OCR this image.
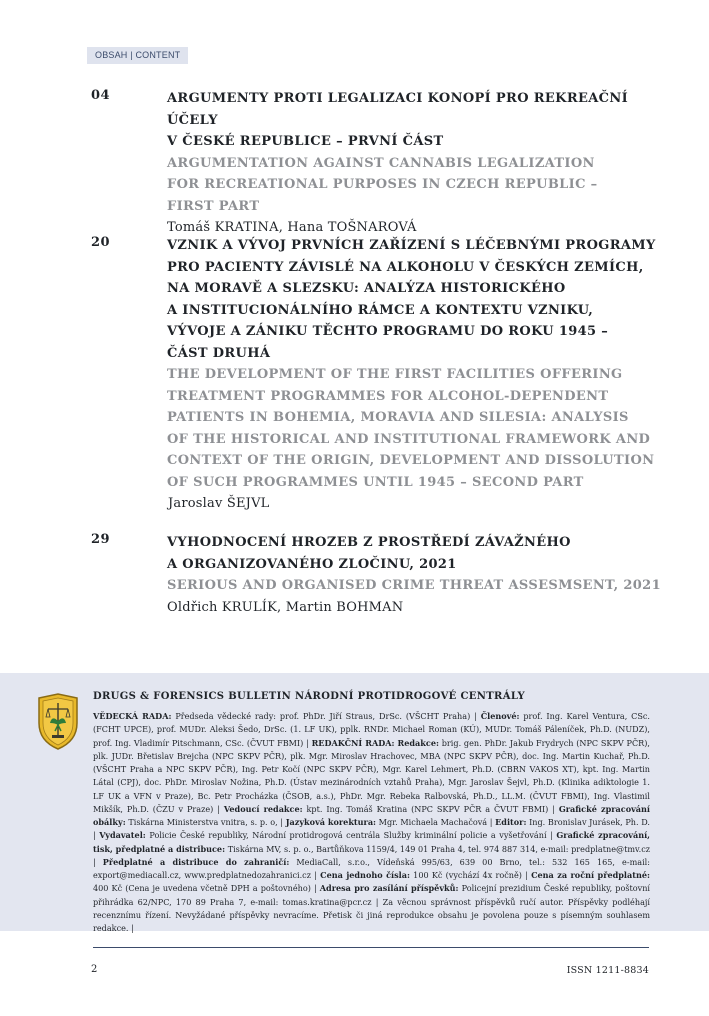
OBSAH | CONTENT
04	ARGUMENTY PROTI LEGALIZACI KONOPÍ PRO REKREAČNÍ ÚČELY
V ČESKÉ REPUBLICE – PRVNÍ ČÁST
ARGUMENTATION AGAINST CANNABIS LEGALIZATION
FOR RECREATIONAL PURPOSES IN CZECH REPUBLIC –
FIRST PART
Tomáš KRATINA, Hana TOŠNAROVÁ
20	VZNIK A VÝVOJ PRVNÍCH ZAŘÍZENÍ S LÉČEBNÝMI PROGRAMY
PRO PACIENTY ZÁVISLÉ NA ALKOHOLU V ČESKÝCH ZEMÍCH,
NA MORAVĚ A SLEZSKU: ANALÝZA HISTORICKÉHO
A INSTITUCIONÁLNÍHO RÁMCE A KONTEXTU VZNIKU,
VÝVOJE A ZÁNIKU TĚCHTO PROGRAMU DO ROKU 1945 –
ČÁST DRUHÁ
THE DEVELOPMENT OF THE FIRST FACILITIES OFFERING
TREATMENT PROGRAMMES FOR ALCOHOL-DEPENDENT
PATIENTS IN BOHEMIA, MORAVIA AND SILESIA: ANALYSIS
OF THE HISTORICAL AND INSTITUTIONAL FRAMEWORK AND
CONTEXT OF THE ORIGIN, DEVELOPMENT AND DISSOLUTION
OF SUCH PROGRAMMES UNTIL 1945 – SECOND PART
Jaroslav ŠEJVL
29	VYHODNOCENÍ HROZEB Z PROSTŘEDÍ ZÁVAŽNÉHO
A ORGANIZOVANÉHO ZLOČINU, 2021
SERIOUS AND ORGANISED CRIME THREAT ASSESMSENT, 2021
Oldřich KRULÍK, Martin BOHMAN
DRUGS & FORENSICS BULLETIN NÁRODNÍ PROTIDROGOVÉ CENTRÁLY
VĚDECKÁ RADA: Předseda vědecké rady: prof. PhDr. Jiří Straus, DrSc. (VŠCHT Praha) | Členové: prof. Ing. Karel Ventura, CSc. (FCHT UPCE), prof. MUDr. Aleksi Šedo, DrSc. (1. LF UK), pplk. RNDr. Michael Roman (KÚ), MUDr. Tomáš Páleníček, Ph.D. (NUDZ), prof. Ing. Vladimír Pitschmann, CSc. (ČVUT FBMI) | REDAKČNÍ RADA: Redakce: brig. gen. PhDr. Jakub Frydrych (NPC SKPV PČR), plk. JUDr. Břetislav Brejcha (NPC SKPV PČR), plk. Mgr. Miroslav Hrachovec, MBA (NPC SKPV PČR), doc. Ing. Martin Kuchař, Ph.D. (VŠCHT Praha a NPC SKPV PČR), Ing. Petr Kočí (NPC SKPV PČR), Mgr. Karel Lehmert, Ph.D. (CBRN VAKOS XT), kpt. Ing. Martin Látal (CPJ), doc. PhDr. Miroslav Nožina, Ph.D. (Ústav mezinárodních vztahů Praha), Mgr. Jaroslav Šejvl, Ph.D. (Klinika adiktologie 1. LF UK a VFN v Praze), Bc. Petr Procházka (ČSOB, a.s.), PhDr. Mgr. Rebeka Ralbovská, Ph.D., LL.M. (ČVUT FBMI), Ing. Vlastimil Mikšík, Ph.D. (ČZU v Praze) | Vedoucí redakce: kpt. Ing. Tomáš Kratina (NPC SKPV PČR a ČVUT FBMI) | Grafické zpracování obálky: Tiskárna Ministerstva vnitra, s. p. o, | Jazyková korektura: Mgr. Michaela Machačová | Editor: Ing. Bronislav Jurásek, Ph. D. | Vydavatel: Policie České republiky, Národní protidrogová centrála Služby kriminální policie a vyšetřování | Grafické zpracování, tisk, předplatné a distribuce: Tiskárna MV, s. p. o., Bartůňkova 1159/4, 149 01 Praha 4, tel. 974 887 314, e-mail: predplatne@tmv.cz | Předplatné a distribuce do zahraničí: MediaCall, s.r.o., Vídeňská 995/63, 639 00 Brno, tel.: 532 165 165, e-mail: export@mediacall.cz, www.predplatnedozahranici.cz | Cena jednoho čísla: 100 Kč (vychází 4x ročně) | Cena za roční předplatné: 400 Kč (Cena je uvedena včetně DPH a poštovného) | Adresa pro zasílání příspěvků: Policejní prezidium České republiky, poštovní přihrádka 62/NPC, 170 89 Praha 7, e-mail: tomas.kratina@pcr.cz | Za věcnou správnost příspěvků ručí autor. Příspěvky podléhají recenznímu řízení. Nevyžádané příspěvky nevracíme. Přetisk či jiná reprodukce obsahu je povolena pouze s písemným souhlasem redakce. |
2	ISSN 1211-8834
